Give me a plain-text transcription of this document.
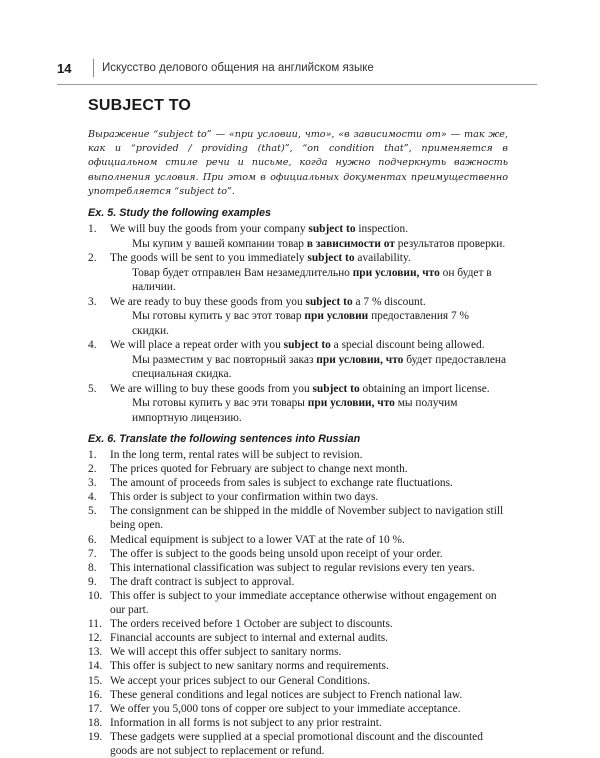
14	Искусство делового общения на английском языке
SUBJECT TO

Выражение “subject to” — «при условии, что», «в зависимости от» — так же, как и “provided / providing (that)”, “on condition that”, применяется в официальном стиле речи и письме, когда нужно подчеркнуть важность выполнения условия. При этом в официальных документах преимущественно употребляется “subject to”.

Ex. 5. Study the following examples
1. We will buy the goods from your company subject to inspection.
Мы купим у вашей компании товар в зависимости от результатов проверки.
2. The goods will be sent to you immediately subject to availability.
Товар будет отправлен Вам незамедлительно при условии, что он будет в наличии.
3. We are ready to buy these goods from you subject to a 7 % discount.
Мы готовы купить у вас этот товар при условии предоставления 7 % скидки.
4. We will place a repeat order with you subject to a special discount being allowed.
Мы разместим у вас повторный заказ при условии, что будет предоставлена специальная скидка.
5. We are willing to buy these goods from you subject to obtaining an import license.
Мы готовы купить у вас эти товары при условии, что мы получим импортную лицензию.
Ex. 6. Translate the following sentences into Russian
1. In the long term, rental rates will be subject to revision.
2. The prices quoted for February are subject to change next month.
3. The amount of proceeds from sales is subject to exchange rate fluctuations.
4. This order is subject to your confirmation within two days.
5. The consignment can be shipped in the middle of November subject to navigation still being open.
6. Medical equipment is subject to a lower VAT at the rate of 10 %.
7. The offer is subject to the goods being unsold upon receipt of your order.
8. This international classification was subject to regular revisions every ten years.
9. The draft contract is subject to approval.
10. This offer is subject to your immediate acceptance otherwise without engagement on our part.
11. The orders received before 1 October are subject to discounts.
12. Financial accounts are subject to internal and external audits.
13. We will accept this offer subject to sanitary norms.
14. This offer is subject to new sanitary norms and requirements.
15. We accept your prices subject to our General Conditions.
16. These general conditions and legal notices are subject to French national law.
17. We offer you 5,000 tons of copper ore subject to your immediate acceptance.
18. Information in all forms is not subject to any prior restraint.
19. These gadgets were supplied at a special promotional discount and the discounted goods are not subject to replacement or refund.
